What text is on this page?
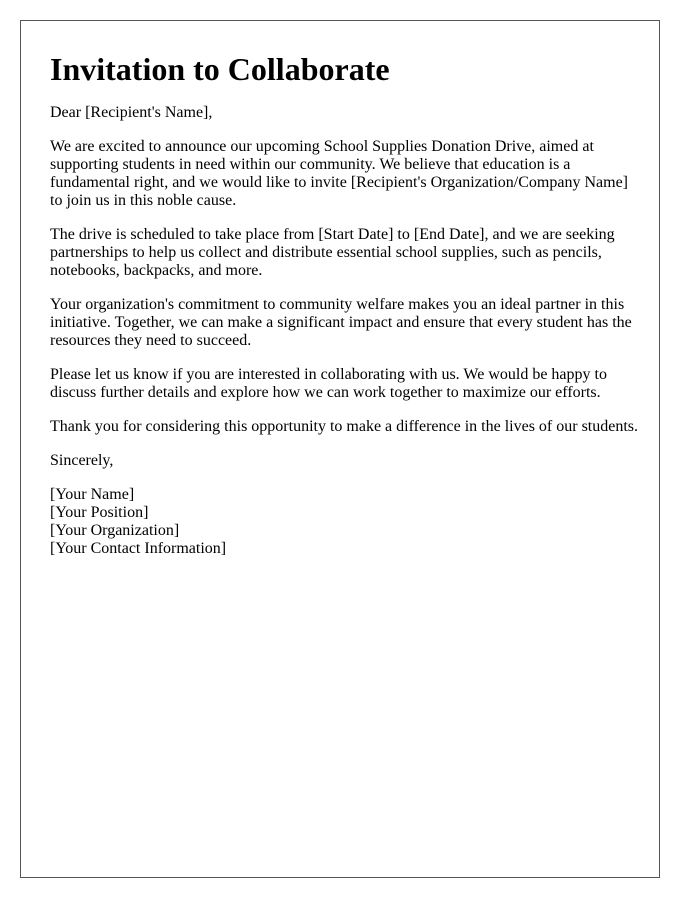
Invitation to Collaborate

Dear [Recipient's Name],

We are excited to announce our upcoming School Supplies Donation Drive, aimed at supporting students in need within our community. We believe that education is a fundamental right, and we would like to invite [Recipient's Organization/Company Name] to join us in this noble cause.

The drive is scheduled to take place from [Start Date] to [End Date], and we are seeking partnerships to help us collect and distribute essential school supplies, such as pencils, notebooks, backpacks, and more.

Your organization's commitment to community welfare makes you an ideal partner in this initiative. Together, we can make a significant impact and ensure that every student has the resources they need to succeed.

Please let us know if you are interested in collaborating with us. We would be happy to discuss further details and explore how we can work together to maximize our efforts.

Thank you for considering this opportunity to make a difference in the lives of our students.

Sincerely,

[Your Name]

[Your Position]

[Your Organization]

[Your Contact Information]
